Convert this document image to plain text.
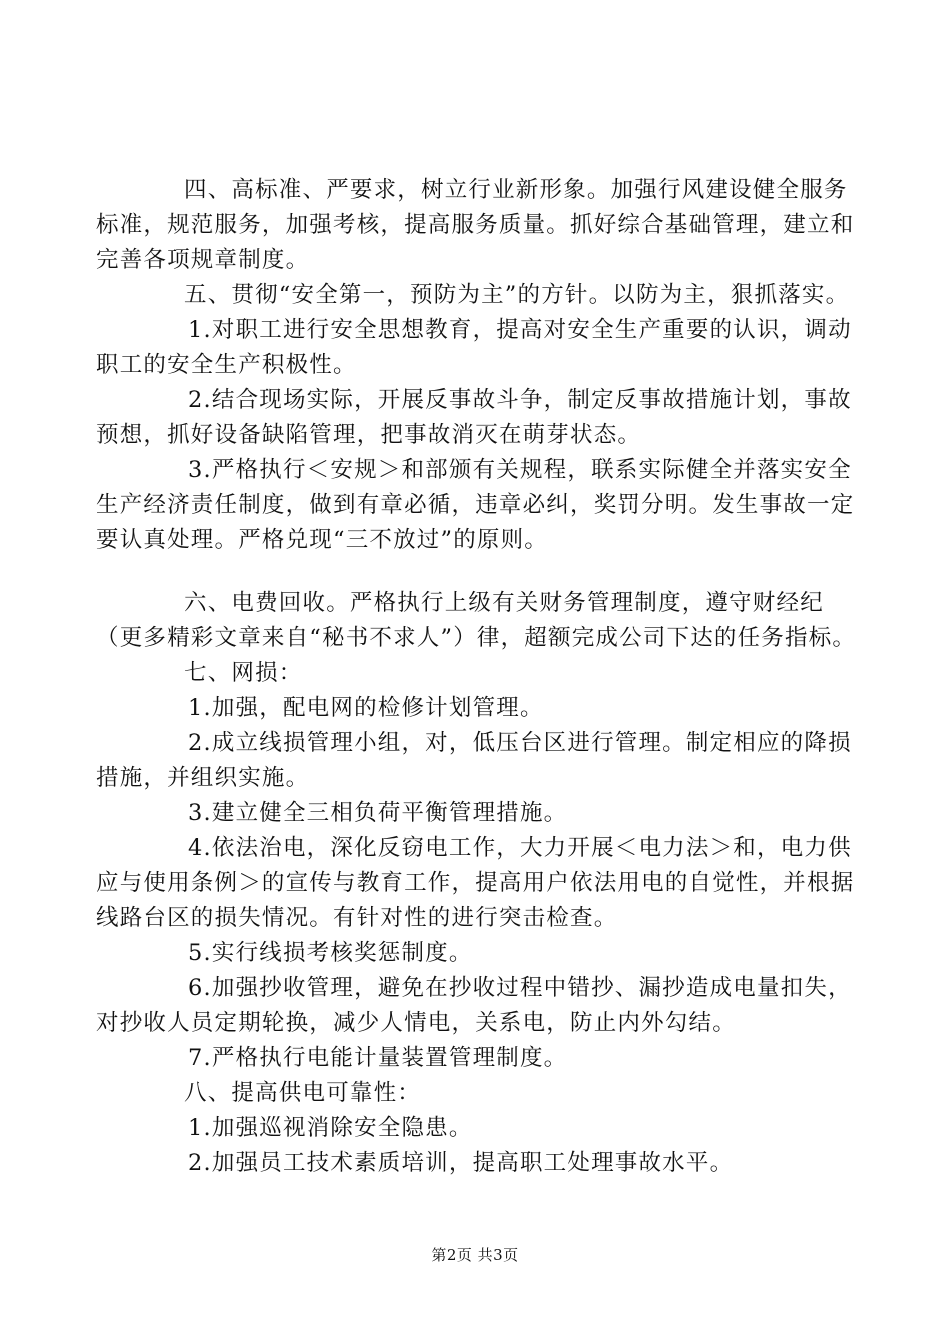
四、高标准、严要求，树立行业新形象。加强行风建设健全服务标准，规范服务，加强考核，提高服务质量。抓好综合基础管理，建立和完善各项规章制度。

五、贯彻“安全第一，预防为主”的方针。以防为主，狠抓落实。

1.对职工进行安全思想教育，提高对安全生产重要的认识，调动职工的安全生产积极性。

2.结合现场实际，开展反事故斗争，制定反事故措施计划，事故预想，抓好设备缺陷管理，把事故消灭在萌芽状态。

3.严格执行＜安规＞和部颁有关规程，联系实际健全并落实安全生产经济责任制度，做到有章必循，违章必纠，奖罚分明。发生事故一定要认真处理。严格兑现“三不放过”的原则。

六、电费回收。严格执行上级有关财务管理制度，遵守财经纪（更多精彩文章来自“秘书不求人”）律，超额完成公司下达的任务指标。

七、网损：

1.加强，配电网的检修计划管理。

2.成立线损管理小组，对，低压台区进行管理。制定相应的降损措施，并组织实施。

3.建立健全三相负荷平衡管理措施。

4.依法治电，深化反窃电工作，大力开展＜电力法＞和，电力供应与使用条例＞的宣传与教育工作，提高用户依法用电的自觉性，并根据线路台区的损失情况。有针对性的进行突击检查。

5.实行线损考核奖惩制度。

6.加强抄收管理，避免在抄收过程中错抄、漏抄造成电量扣失，对抄收人员定期轮换，减少人情电，关系电，防止内外勾结。

7.严格执行电能计量装置管理制度。

八、提高供电可靠性：

1.加强巡视消除安全隐患。

2.加强员工技术素质培训，提高职工处理事故水平。

第2页 共3页
